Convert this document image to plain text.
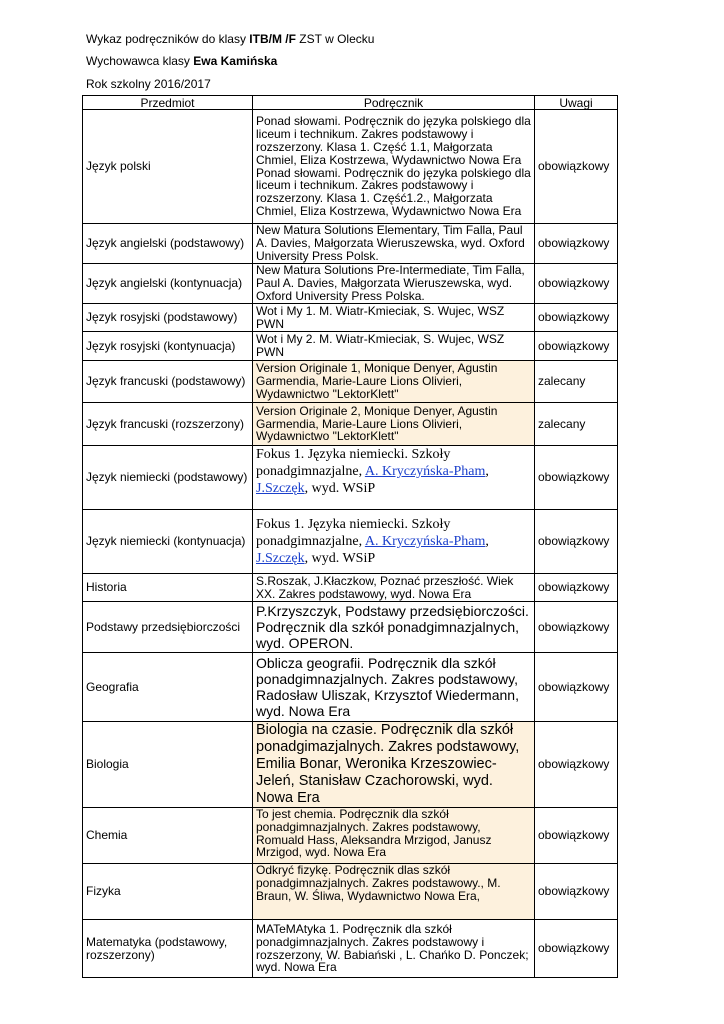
Wykaz podręczników do klasy ITB/M /F ZST w Olecku
Wychowawca klasy Ewa Kamińska
Rok szkolny 2016/2017
Przedmiot	Podręcznik	Uwagi
Język polski	Ponad słowami. Podręcznik do języka polskiego dla liceum i technikum. Zakres podstawowy i rozszerzony. Klasa 1. Część 1.1, Małgorzata Chmiel, Eliza Kostrzewa, Wydawnictwo Nowa Era Ponad słowami. Podręcznik do języka polskiego dla liceum i technikum. Zakres podstawowy i rozszerzony. Klasa 1. Część1.2., Małgorzata Chmiel, Eliza Kostrzewa, Wydawnictwo Nowa Era	obowiązkowy
Język angielski (podstawowy)	New Matura Solutions Elementary, Tim Falla, Paul A. Davies, Małgorzata Wieruszewska, wyd. Oxford University Press Polsk.	obowiązkowy
Język angielski (kontynuacja)	New Matura Solutions Pre-Intermediate, Tim Falla, Paul A. Davies, Małgorzata Wieruszewska, wyd. Oxford University Press Polska.	obowiązkowy
Język rosyjski (podstawowy)	Wot i My 1. M. Wiatr-Kmieciak, S. Wujec, WSZ PWN	obowiązkowy
Język rosyjski (kontynuacja)	Wot i My 2. M. Wiatr-Kmieciak, S. Wujec, WSZ PWN	obowiązkowy
Język francuski (podstawowy)	Version Originale 1, Monique Denyer, Agustin Garmendia, Marie-Laure Lions Olivieri, Wydawnictwo "LektorKlett"	zalecany
Język francuski (rozszerzony)	Version Originale 2, Monique Denyer, Agustin Garmendia, Marie-Laure Lions Olivieri, Wydawnictwo "LektorKlett"	zalecany
Język niemiecki (podstawowy)	Fokus 1. Języka niemiecki. Szkoły ponadgimnazjalne, A. Kryczyńska-Pham, J.Szczęk, wyd. WSiP	obowiązkowy
Język niemiecki (kontynuacja)	Fokus 1. Języka niemiecki. Szkoły ponadgimnazjalne, A. Kryczyńska-Pham, J.Szczęk, wyd. WSiP	obowiązkowy
Historia	S.Roszak, J.Kłaczkow, Poznać przeszłość. Wiek XX. Zakres podstawowy, wyd. Nowa Era	obowiązkowy
Podstawy przedsiębiorczości	P.Krzyszczyk, Podstawy przedsiębiorczości. Podręcznik dla szkół ponadgimnazjalnych, wyd. OPERON.	obowiązkowy
Geografia	Oblicza geografii. Podręcznik dla szkół ponadgimnazjalnych. Zakres podstawowy, Radosław Uliszak, Krzysztof Wiedermann, wyd. Nowa Era	obowiązkowy
Biologia	Biologia na czasie. Podręcznik dla szkół ponadgimazjalnych. Zakres podstawowy, Emilia Bonar, Weronika Krzeszowiec-Jeleń, Stanisław Czachorowski, wyd. Nowa Era	obowiązkowy
Chemia	To jest chemia. Podręcznik dla szkół ponadgimnazjalnych. Zakres podstawowy, Romuald Hass, Aleksandra Mrzigod, Janusz Mrzigod, wyd. Nowa Era	obowiązkowy
Fizyka	Odkryć fizykę. Podręcznik dlas szkół ponadgimnazjalnych. Zakres podstawowy., M. Braun, W. Śliwa, Wydawnictwo Nowa Era,	obowiązkowy
Matematyka (podstawowy, rozszerzony)	MATeMAtyka 1. Podręcznik dla szkół ponadgimnazjalnych. Zakres podstawowy i rozszerzony, W. Babiański , L. Chańko D. Ponczek; wyd. Nowa Era	obowiązkowy
